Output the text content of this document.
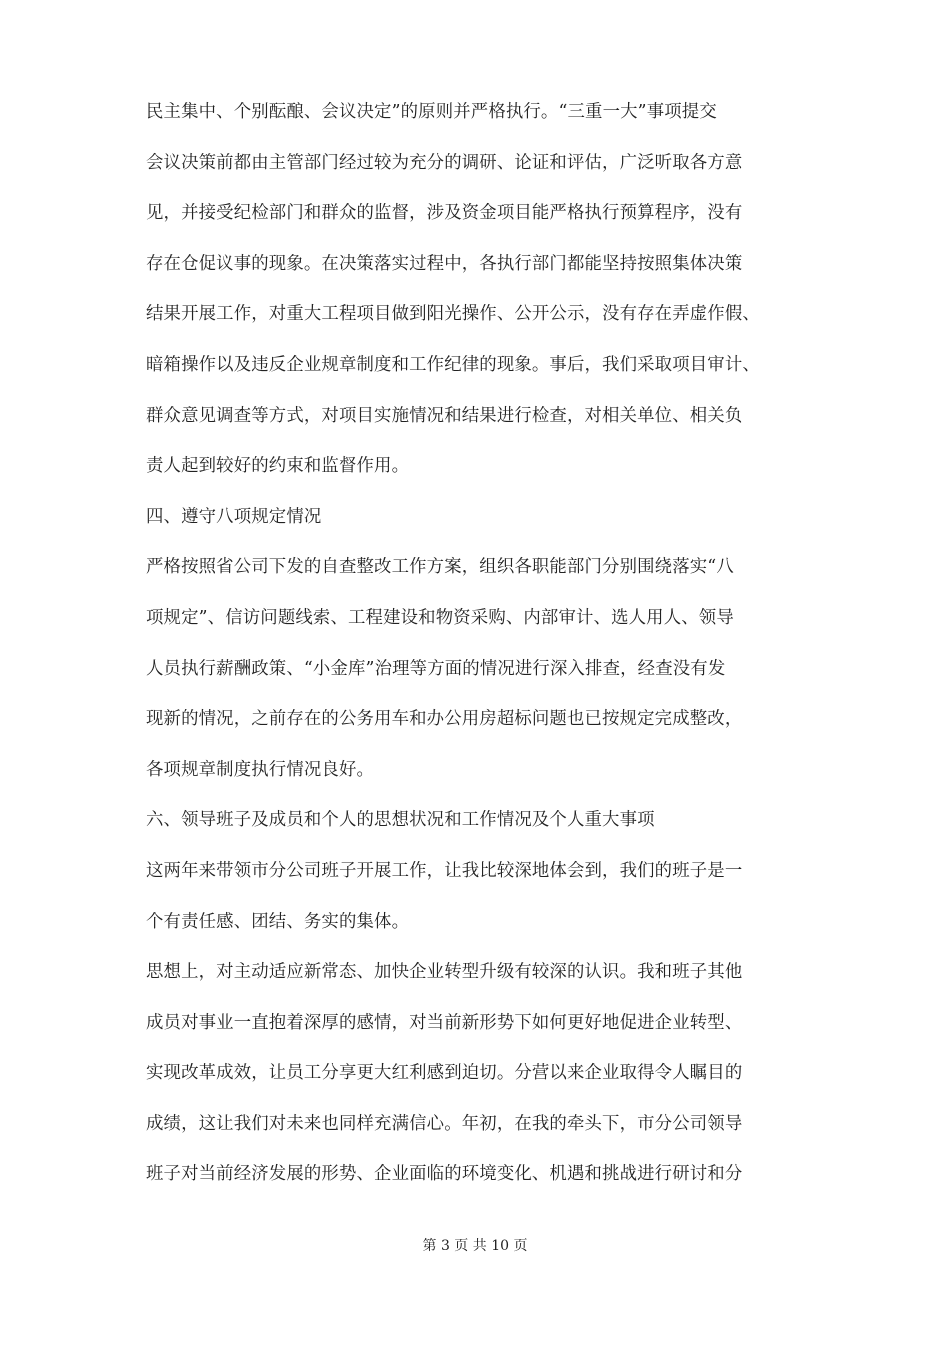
民主集中、个别酝酿、会议决定”的原则并严格执行。“三重一大”事项提交
会议决策前都由主管部门经过较为充分的调研、论证和评估，广泛听取各方意
见，并接受纪检部门和群众的监督，涉及资金项目能严格执行预算程序，没有
存在仓促议事的现象。在决策落实过程中，各执行部门都能坚持按照集体决策
结果开展工作，对重大工程项目做到阳光操作、公开公示，没有存在弄虚作假、
暗箱操作以及违反企业规章制度和工作纪律的现象。事后，我们采取项目审计、
群众意见调查等方式，对项目实施情况和结果进行检查，对相关单位、相关负
责人起到较好的约束和监督作用。
四、遵守八项规定情况
严格按照省公司下发的自查整改工作方案，组织各职能部门分别围绕落实“八
项规定”、信访问题线索、工程建设和物资采购、内部审计、选人用人、领导
人员执行薪酬政策、“小金库”治理等方面的情况进行深入排查，经查没有发
现新的情况，之前存在的公务用车和办公用房超标问题也已按规定完成整改，
各项规章制度执行情况良好。
六、领导班子及成员和个人的思想状况和工作情况及个人重大事项
这两年来带领市分公司班子开展工作，让我比较深地体会到，我们的班子是一
个有责任感、团结、务实的集体。
思想上，对主动适应新常态、加快企业转型升级有较深的认识。我和班子其他
成员对事业一直抱着深厚的感情，对当前新形势下如何更好地促进企业转型、
实现改革成效，让员工分享更大红利感到迫切。分营以来企业取得令人瞩目的
成绩，这让我们对未来也同样充满信心。年初，在我的牵头下，市分公司领导
班子对当前经济发展的形势、企业面临的环境变化、机遇和挑战进行研讨和分
第 3 页 共 10 页
